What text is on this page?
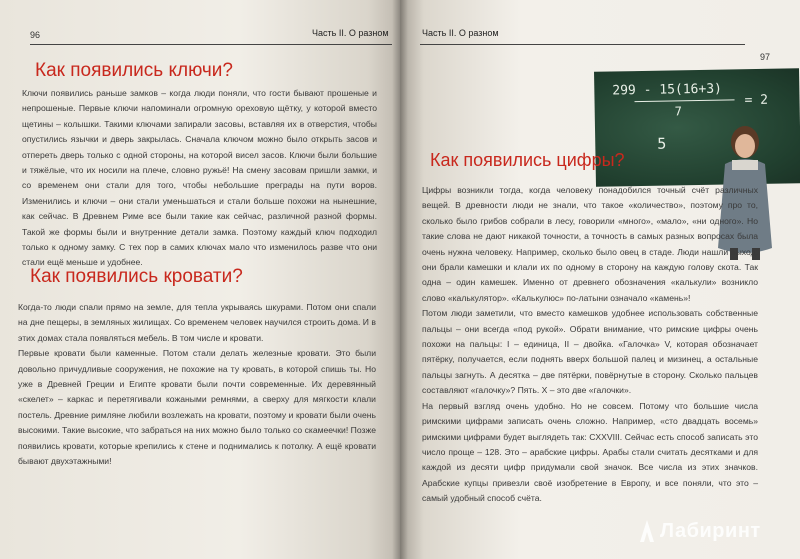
96	Часть II. О разном
Как появились ключи?

Ключи появились раньше замков – когда люди поняли, что гости бывают прошеные и непрошеные. Первые ключи напоминали огромную ореховую щётку, у которой вместо щетины – колышки. Такими ключами запирали засовы, вставляя их в отверстия, чтобы опустились язычки и дверь закрылась. Сначала ключом можно было открыть засов и отпереть дверь только с одной стороны, на которой висел засов. Ключи были большие и тяжёлые, что их носили на плече, словно ружьё! На смену засовам пришли замки, и со временем они стали для того, чтобы небольшие преграды на пути воров. Изменились и ключи – они стали уменьшаться и стали больше похожи на нынешние, как сейчас. В Древнем Риме все были такие как сейчас, различной разной формы. Такой же формы были и внутренние детали замка. Поэтому каждый ключ подходил только к одному замку. С тех пор в самих ключах мало что изменилось разве что они стали ещё меньше и удобнее.

Как появились кровати?

Когда-то люди спали прямо на земле, для тепла укрываясь шкурами. Потом они спали на дне пещеры, в земляных жилищах. Со временем человек научился строить дома. И в этих домах стала появляться мебель. В том числе и кровати.
Первые кровати были каменные. Потом стали делать железные кровати. Это были довольно причудливые сооружения, не похожие на ту кровать, в которой спишь ты. Но уже в Древней Греции и Египте кровати были почти современные. Их деревянный «скелет» – каркас и перетягивали кожаными ремнями, а сверху для мягкости клали постель. Древние римляне любили возлежать на кровати, поэтому и кровати были очень высокими. Такие высокие, что забраться на них можно было только со скамеечки! Позже появились кровати, которые крепились к стене и поднимались к потолку. А ещё кровати бывают двухэтажными!

Часть II. О разном
97
299 - 15(16+3)
= 2
7
5
Как появились цифры?

Цифры возникли тогда, когда человеку понадобился точный счёт различных вещей. В древности люди не знали, что такое «количество», поэтому про то, сколько было грибов собрали в лесу, говорили «много», «мало», «ни одного». Но такие слова не дают никакой точности, а точность в самых разных вопросах была очень нужна человеку. Например, сколько было овец в стаде. Люди нашли выход: они брали камешки и клали их по одному в сторону на каждую голову скота. Так одна – один камешек. Именно от древнего обозначения «калькули» возникло слово «калькулятор». «Калькулюс» по-латыни означало «камень»!
Потом люди заметили, что вместо камешков удобнее использовать собственные пальцы – они всегда «под рукой». Обрати внимание, что римские цифры очень похожи на пальцы: I – единица, II – двойка. «Галочка» V, которая обозначает пятёрку, получается, если поднять вверх большой палец и мизинец, а остальные пальцы загнуть. А десятка – две пятёрки, повёрнутые в сторону. Сколько пальцев составляют «галочку»? Пять. X – это две «галочки».
На первый взгляд очень удобно. Но не совсем. Потому что большие числа римскими цифрами записать очень сложно. Например, «сто двадцать восемь» римскими цифрами будет выглядеть так: CXXVIII. Сейчас есть способ записать это число проще – 128. Это – арабские цифры. Арабы стали считать десятками и для каждой из десяти цифр придумали свой значок. Все числа из этих значков. Арабские купцы привезли своё изобретение в Европу, и все поняли, что это – самый удобный способ счёта.

Лабиринт
